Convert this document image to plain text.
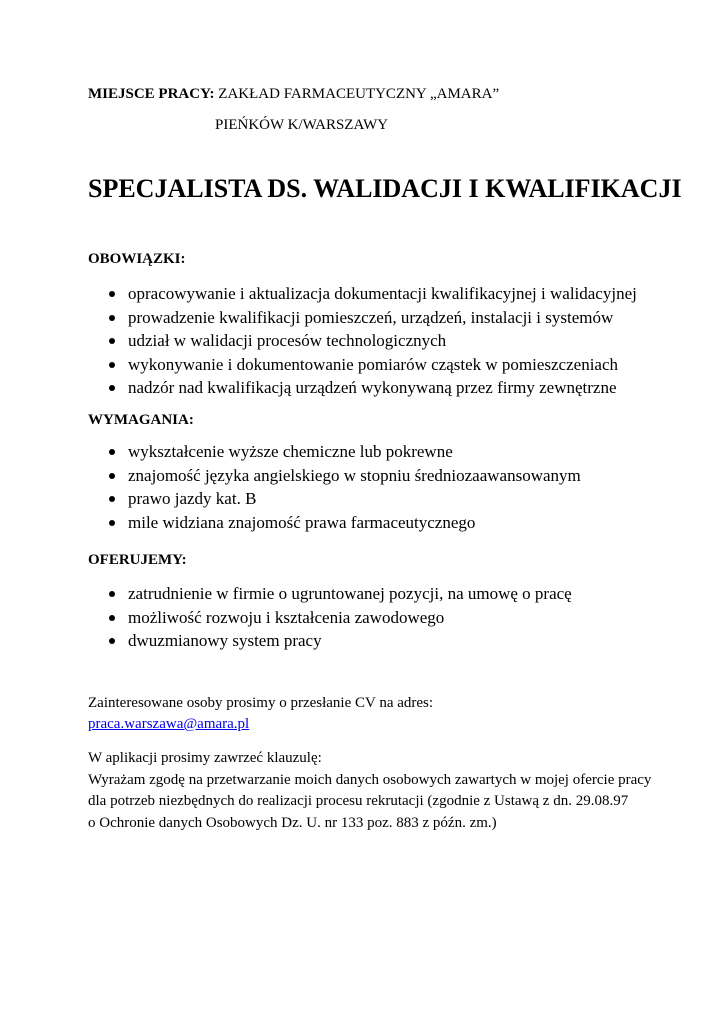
MIEJSCE PRACY: ZAKŁAD FARMACEUTYCZNY „AMARA”
PIEŃKÓW K/WARSZAWY
SPECJALISTA DS. WALIDACJI I KWALIFIKACJI
OBOWIĄZKI:
opracowywanie i aktualizacja dokumentacji kwalifikacyjnej i walidacyjnej
prowadzenie kwalifikacji pomieszczeń, urządzeń, instalacji i systemów
udział w walidacji procesów technologicznych
wykonywanie i dokumentowanie pomiarów cząstek w pomieszczeniach
nadzór nad kwalifikacją urządzeń wykonywaną przez firmy zewnętrzne
WYMAGANIA:
wykształcenie wyższe chemiczne lub pokrewne
znajomość języka angielskiego w stopniu średniozaawansowanym
prawo jazdy kat. B
mile widziana znajomość prawa farmaceutycznego
OFERUJEMY:
zatrudnienie w firmie o ugruntowanej pozycji, na umowę o pracę
możliwość rozwoju i kształcenia zawodowego
dwuzmianowy system pracy
Zainteresowane osoby prosimy o przesłanie CV na adres:
praca.warszawa@amara.pl
W aplikacji prosimy zawrzeć klauzulę:
Wyrażam zgodę na przetwarzanie moich danych osobowych zawartych w mojej ofercie pracy
dla potrzeb niezbędnych do realizacji procesu rekrutacji (zgodnie z Ustawą z dn. 29.08.97
o Ochronie danych Osobowych Dz. U. nr 133 poz. 883 z późn. zm.)
